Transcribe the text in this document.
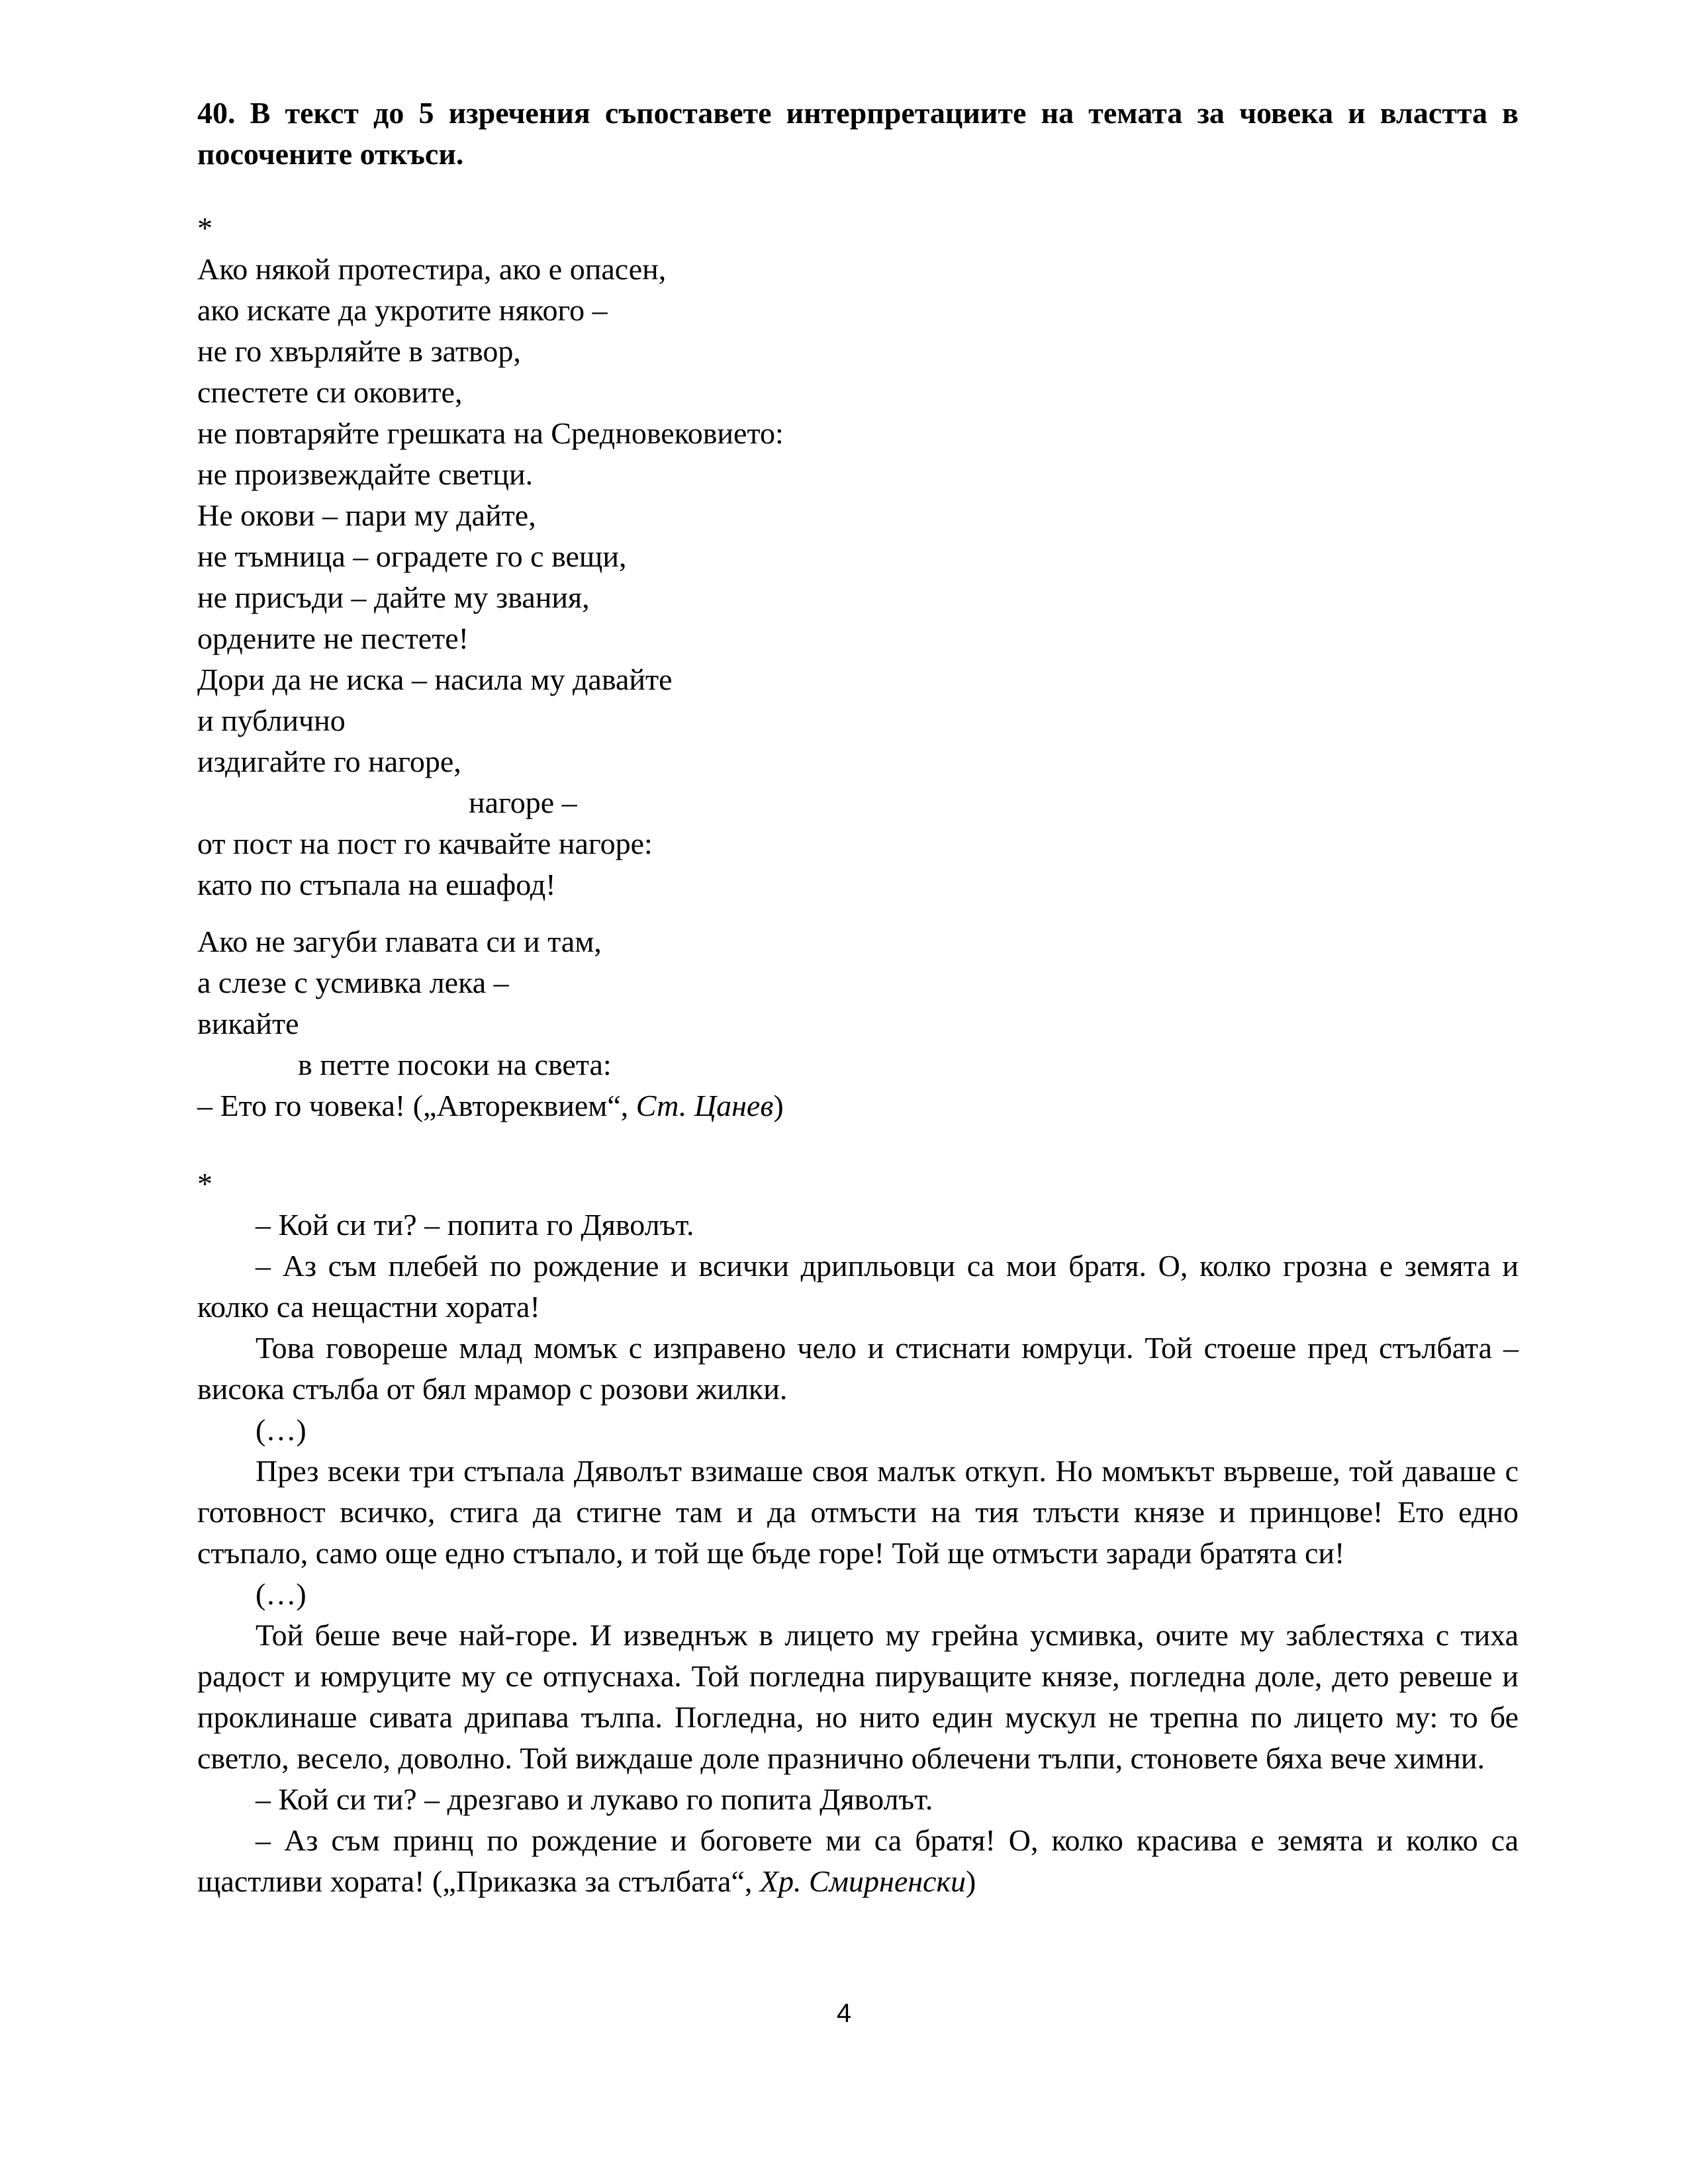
40. В текст до 5 изречения съпоставете интерпретациите на темата за човека и властта в посочените откъси.
*
Ако някой протестира, ако е опасен,
ако искате да укротите някого –
не го хвърляйте в затвор,
спестете си оковите,
не повтаряйте грешката на Средновековието:
не произвеждайте светци.
Не окови – пари му дайте,
не тъмница – оградете го с вещи,
не присъди – дайте му звания,
ордените не пестете!
Дори да не иска – насила му давайте
и публично
издигайте го нагоре,
нагоре –
от пост на пост го качвайте нагоре:
като по стъпала на ешафод!
Ако не загуби главата си и там,
а слезе с усмивка лека –
викайте
в петте посоки на света:
– Ето го човека! („Авторeквием“, Ст. Цанев)
*

– Кой си ти? – попита го Дяволът.

– Аз съм плебей по рождение и всички дрипльовци са мои братя. О, колко грозна е земята и колко са нещастни хората!

Това говореше млад момък с изправено чело и стиснати юмруци. Той стоеше пред стълбата – висока стълба от бял мрамор с розови жилки.

(…)

През всеки три стъпала Дяволът взимаше своя малък откуп. Но момъкът вървеше, той даваше с готовност всичко, стига да стигне там и да отмъсти на тия тлъсти князе и принцове! Ето едно стъпало, само още едно стъпало, и той ще бъде горе! Той ще отмъсти заради братята си!

(…)

Той беше вече най-горе. И изведнъж в лицето му грейна усмивка, очите му заблестяха с тиха радост и юмруците му се отпуснаха. Той погледна пируващите князе, погледна доле, дето ревеше и проклинаше сивата дрипава тълпа. Погледна, но нито един мускул не трепна по лицето му: то бе светло, весело, доволно. Той виждаше доле празнично облечени тълпи, стоновете бяха вече химни.

– Кой си ти? – дрезгаво и лукаво го попита Дяволът.

– Аз съм принц по рождение и боговете ми са братя! О, колко красива е земята и колко са щастливи хората! („Приказка за стълбата“, Хр. Смирненски)

4
